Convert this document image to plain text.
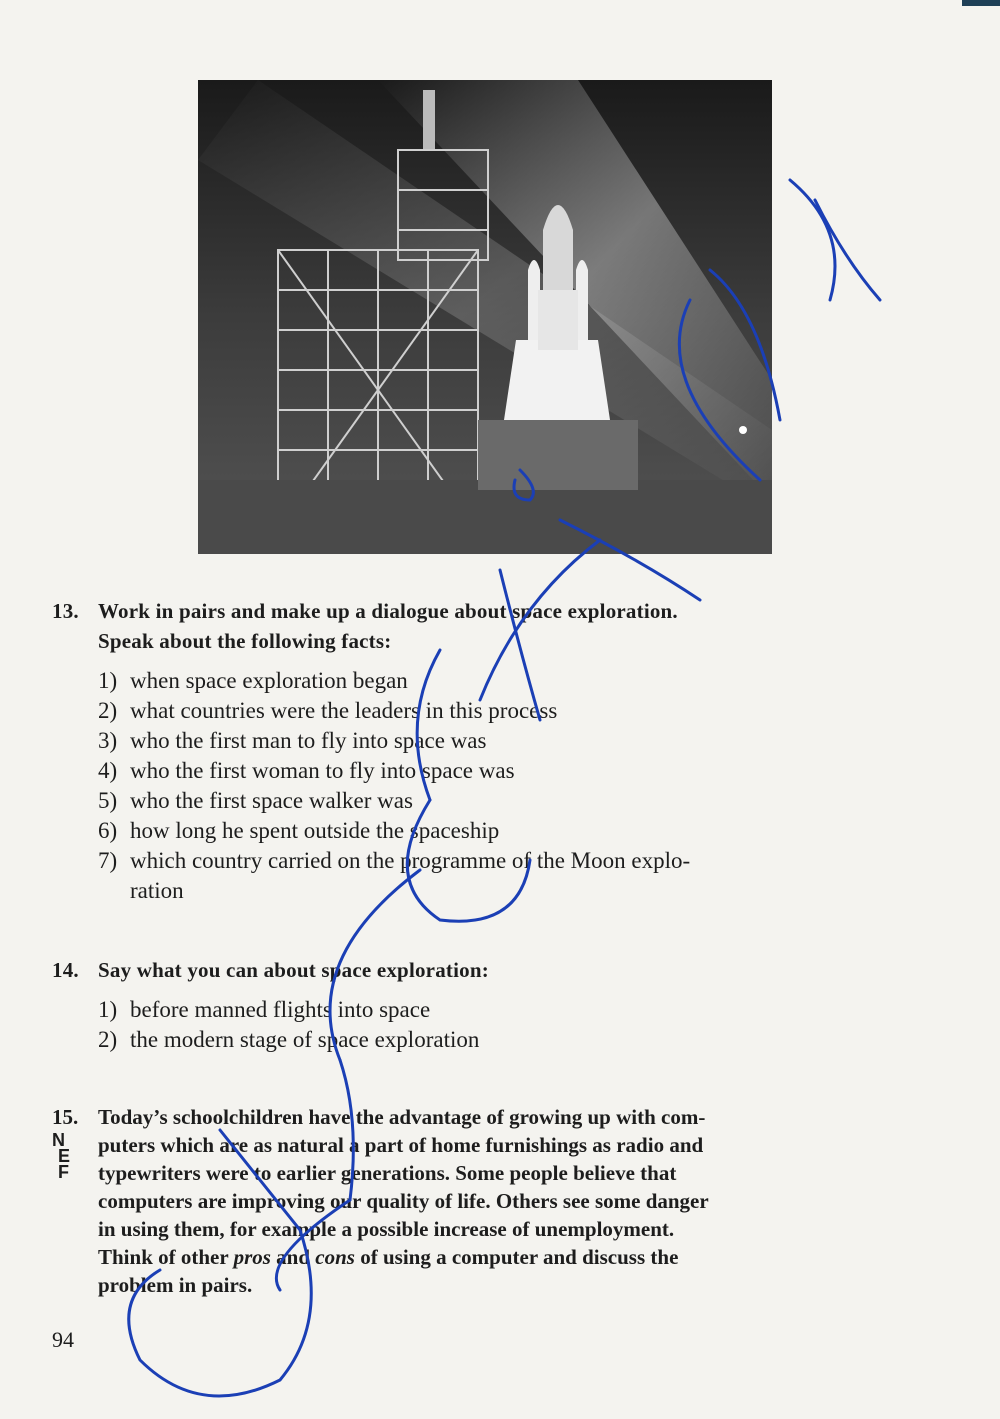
13. Work in pairs and make up a dialogue about space exploration.
Speak about the following facts:
1) when space exploration began
2) what countries were the leaders in this process
3) who the first man to fly into space was
4) who the first woman to fly into space was
5) who the first space walker was
6) how long he spent outside the spaceship
7) which country carried on the programme of the Moon explo-
ration
14. Say what you can about space exploration:
1) before manned flights into space
2) the modern stage of space exploration
15. Today’s schoolchildren have the advantage of growing up with com-
puters which are as natural a part of home furnishings as radio and
typewriters were to earlier generations. Some people believe that
computers are improving our quality of life. Others see some danger
in using them, for example a possible increase of unemployment.
Think of other pros and cons of using a computer and discuss the
problem in pairs.
N
E
F
94
